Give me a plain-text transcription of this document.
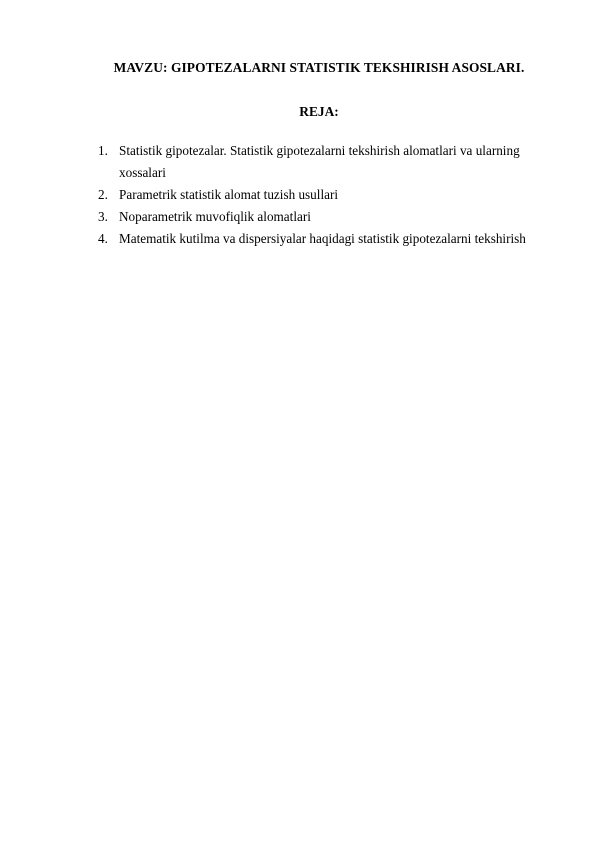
MAVZU: GIPOTEZALARNI STATISTIK TEKSHIRISH ASOSLARI.
REJA:
1. Statistik gipotezalar. Statistik gipotezalarni tekshirish alomatlari va ularning xossalari
2. Parametrik statistik alomat tuzish usullari
3. Noparametrik muvofiqlik alomatlari
4. Matematik kutilma va dispersiyalar haqidagi statistik gipotezalarni tekshirish
